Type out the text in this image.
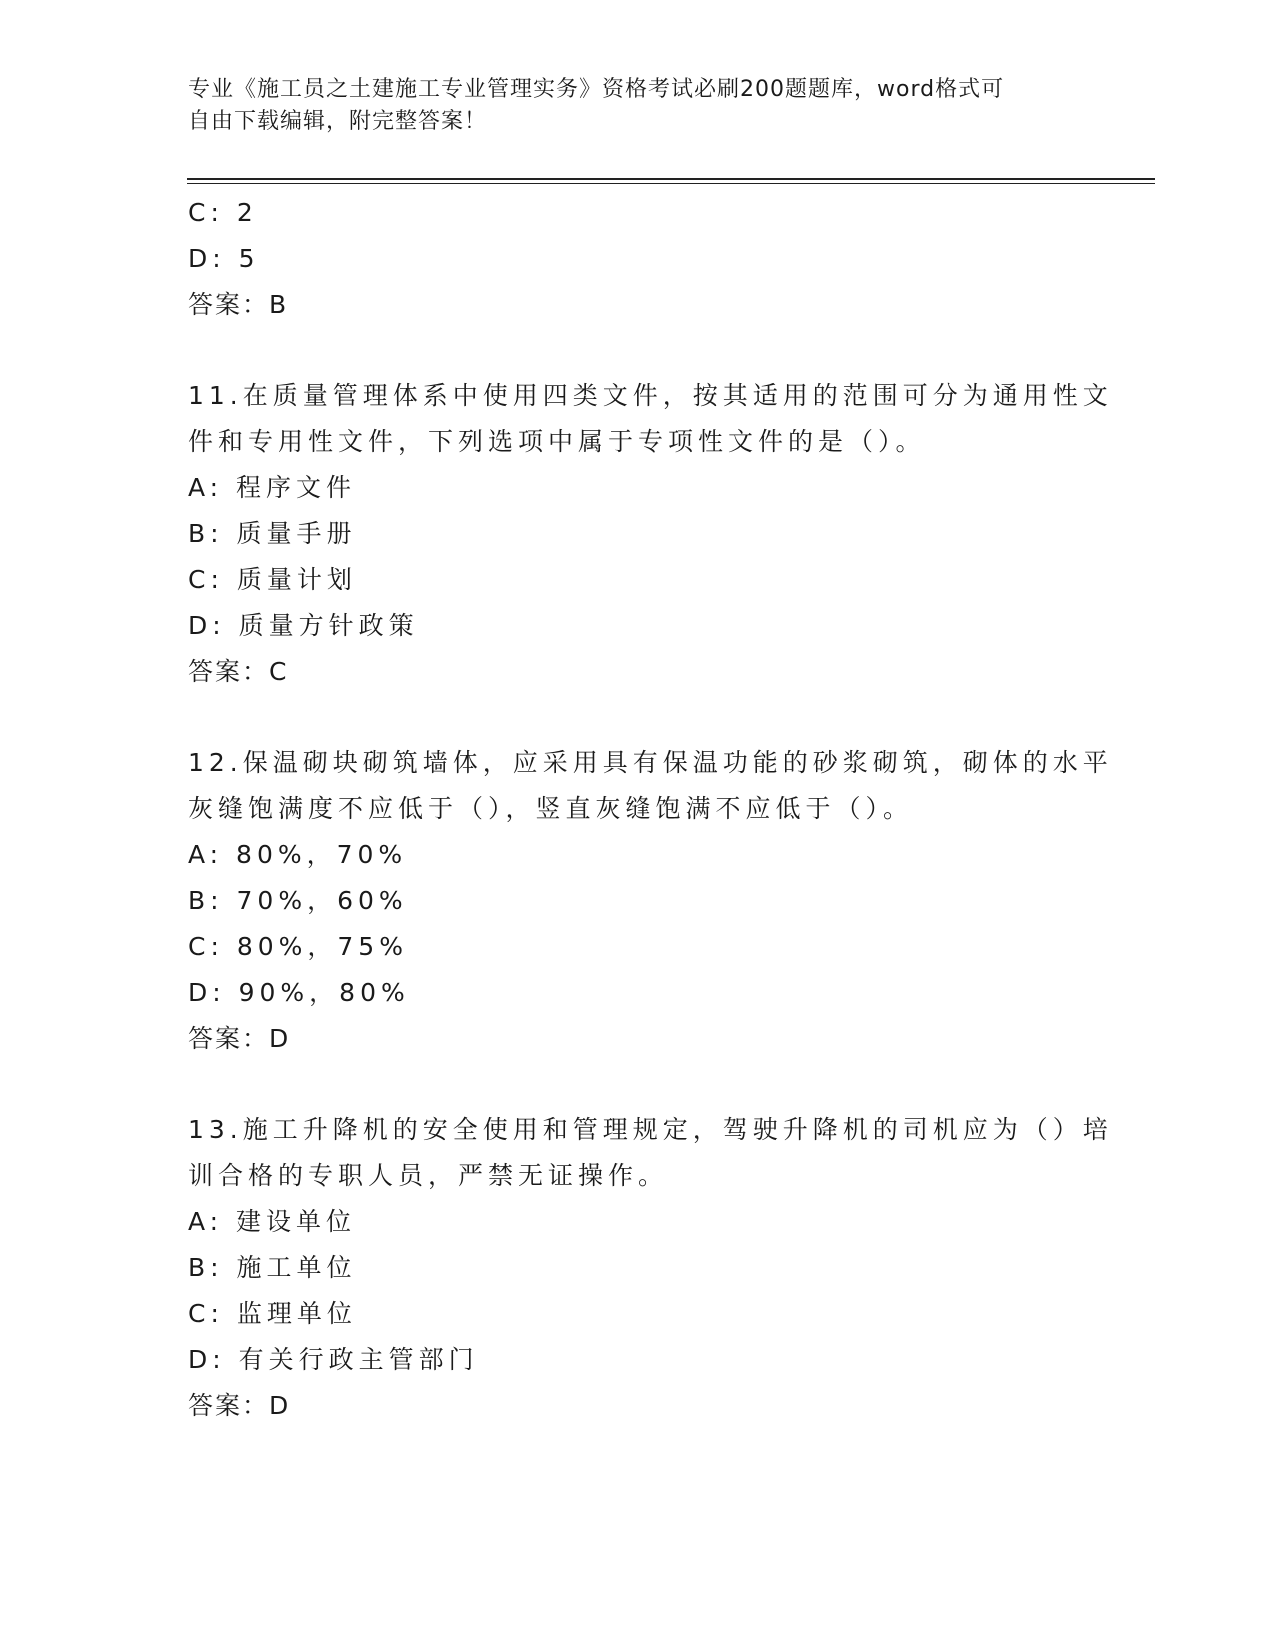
专业《施工员之土建施工专业管理实务》资格考试必刷200题题库，word格式可
自由下载编辑，附完整答案！
C: 2
D: 5
答案：B
11.在质量管理体系中使用四类文件，按其适用的范围可分为通用性文
件和专用性文件，下列选项中属于专项性文件的是（）。
A: 程序文件
B: 质量手册
C: 质量计划
D: 质量方针政策
答案：C
12.保温砌块砌筑墙体，应采用具有保温功能的砂浆砌筑，砌体的水平
灰缝饱满度不应低于（），竖直灰缝饱满不应低于（）。
A: 80%，70%
B: 70%，60%
C: 80%，75%
D: 90%，80%
答案：D
13.施工升降机的安全使用和管理规定，驾驶升降机的司机应为（）培
训合格的专职人员，严禁无证操作。
A: 建设单位
B: 施工单位
C: 监理单位
D: 有关行政主管部门
答案：D
